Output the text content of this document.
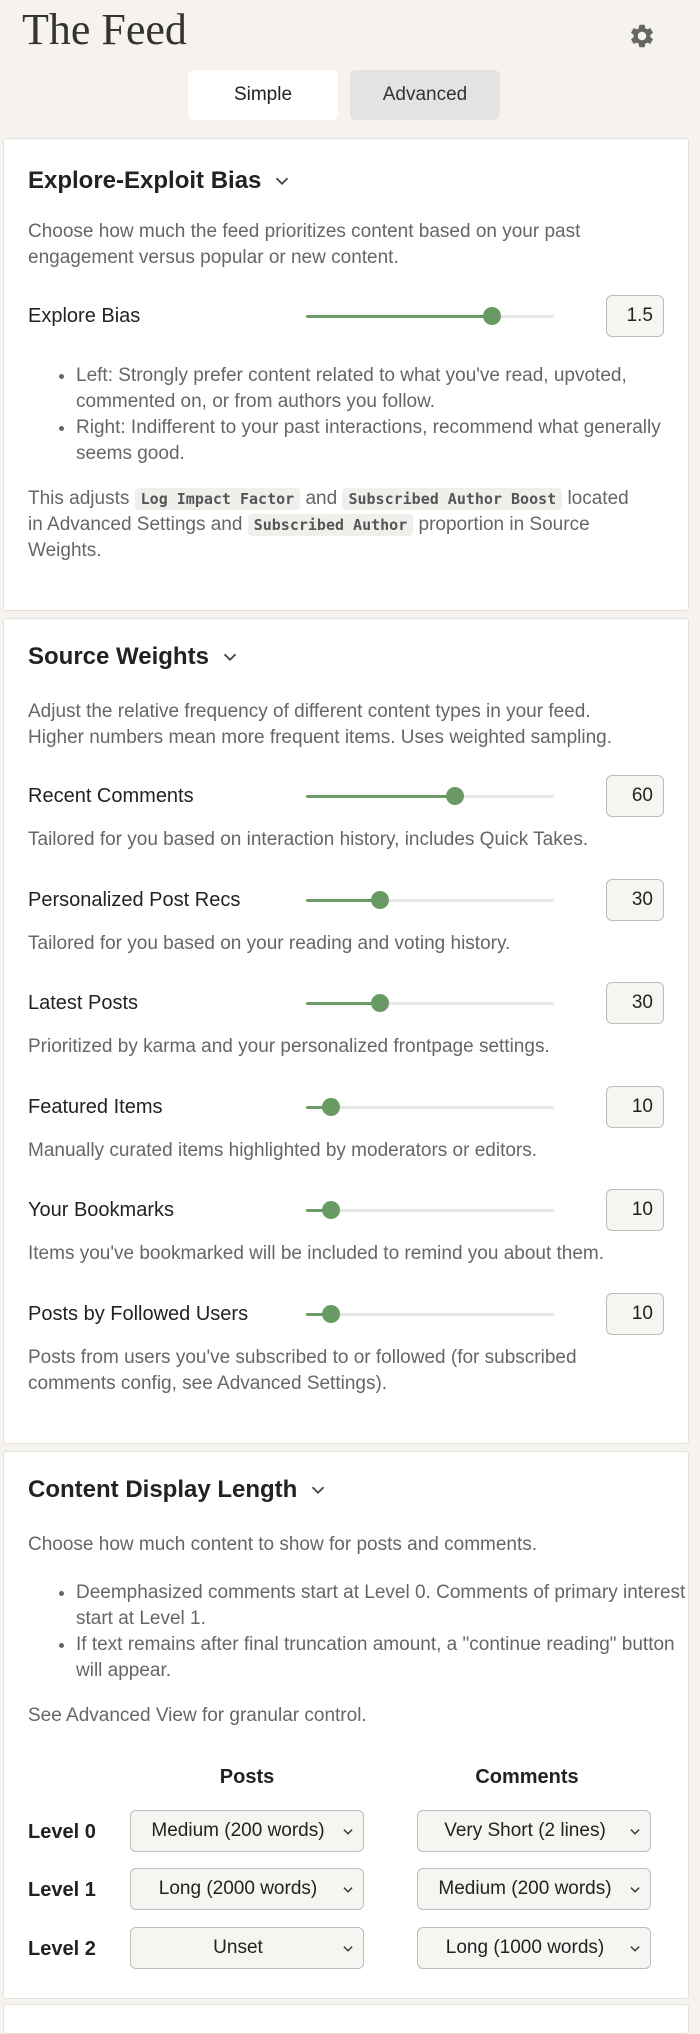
The Feed
Simple	Advanced
Explore-Exploit Bias

Choose how much the feed prioritizes content based on your past engagement versus popular or new content.

Explore Bias	1.5
• Left: Strongly prefer content related to what you've read, upvoted, commented on, or from authors you follow.
• Right: Indifferent to your past interactions, recommend what generally seems good.

This adjusts Log Impact Factor and Subscribed Author Boost located in Advanced Settings and Subscribed Author proportion in Source Weights.

Source Weights

Adjust the relative frequency of different content types in your feed. Higher numbers mean more frequent items. Uses weighted sampling.

Recent Comments	60

Tailored for you based on interaction history, includes Quick Takes.

Personalized Post Recs	30

Tailored for you based on your reading and voting history.

Latest Posts	30

Prioritized by karma and your personalized frontpage settings.

Featured Items	10

Manually curated items highlighted by moderators or editors.

Your Bookmarks	10

Items you've bookmarked will be included to remind you about them.

Posts by Followed Users	10

Posts from users you've subscribed to or followed (for subscribed comments config, see Advanced Settings).

Content Display Length

Choose how much content to show for posts and comments.

• Deemphasized comments start at Level 0. Comments of primary interest start at Level 1.
• If text remains after final truncation amount, a "continue reading" button will appear.

See Advanced View for granular control.

Posts	Comments
Level 0	Medium (200 words)	Very Short (2 lines)
Level 1	Long (2000 words)	Medium (200 words)
Level 2	Unset	Long (1000 words)
